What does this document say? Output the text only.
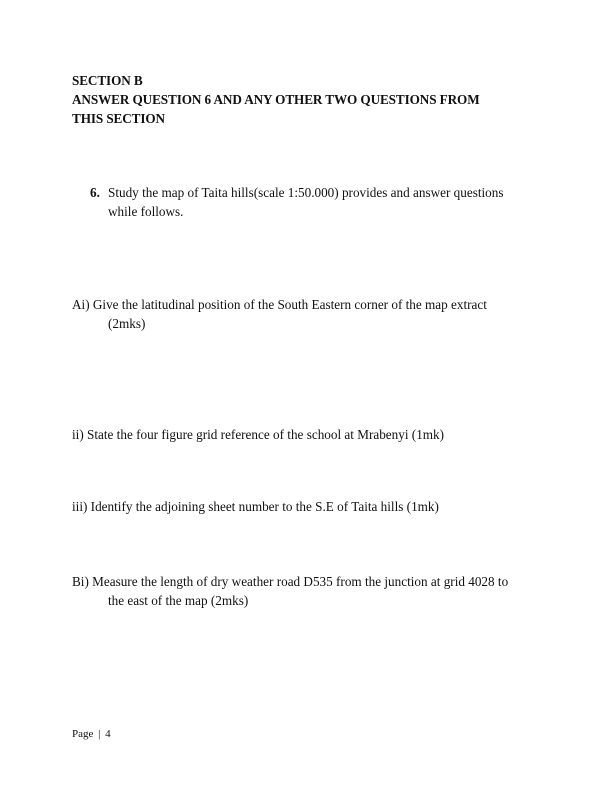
SECTION B
ANSWER QUESTION 6 AND ANY OTHER TWO QUESTIONS FROM
THIS SECTION
6. Study the map of Taita hills(scale 1:50.000) provides and answer questions
while follows.
Ai) Give the latitudinal position of the South Eastern corner of the map extract
(2mks)
ii) State the four figure grid reference of the school at Mrabenyi (1mk)
iii) Identify the adjoining sheet number to the S.E of Taita hills (1mk)
Bi) Measure the length of dry weather road D535 from the junction at grid 4028 to
the east of the map (2mks)
Page | 4
